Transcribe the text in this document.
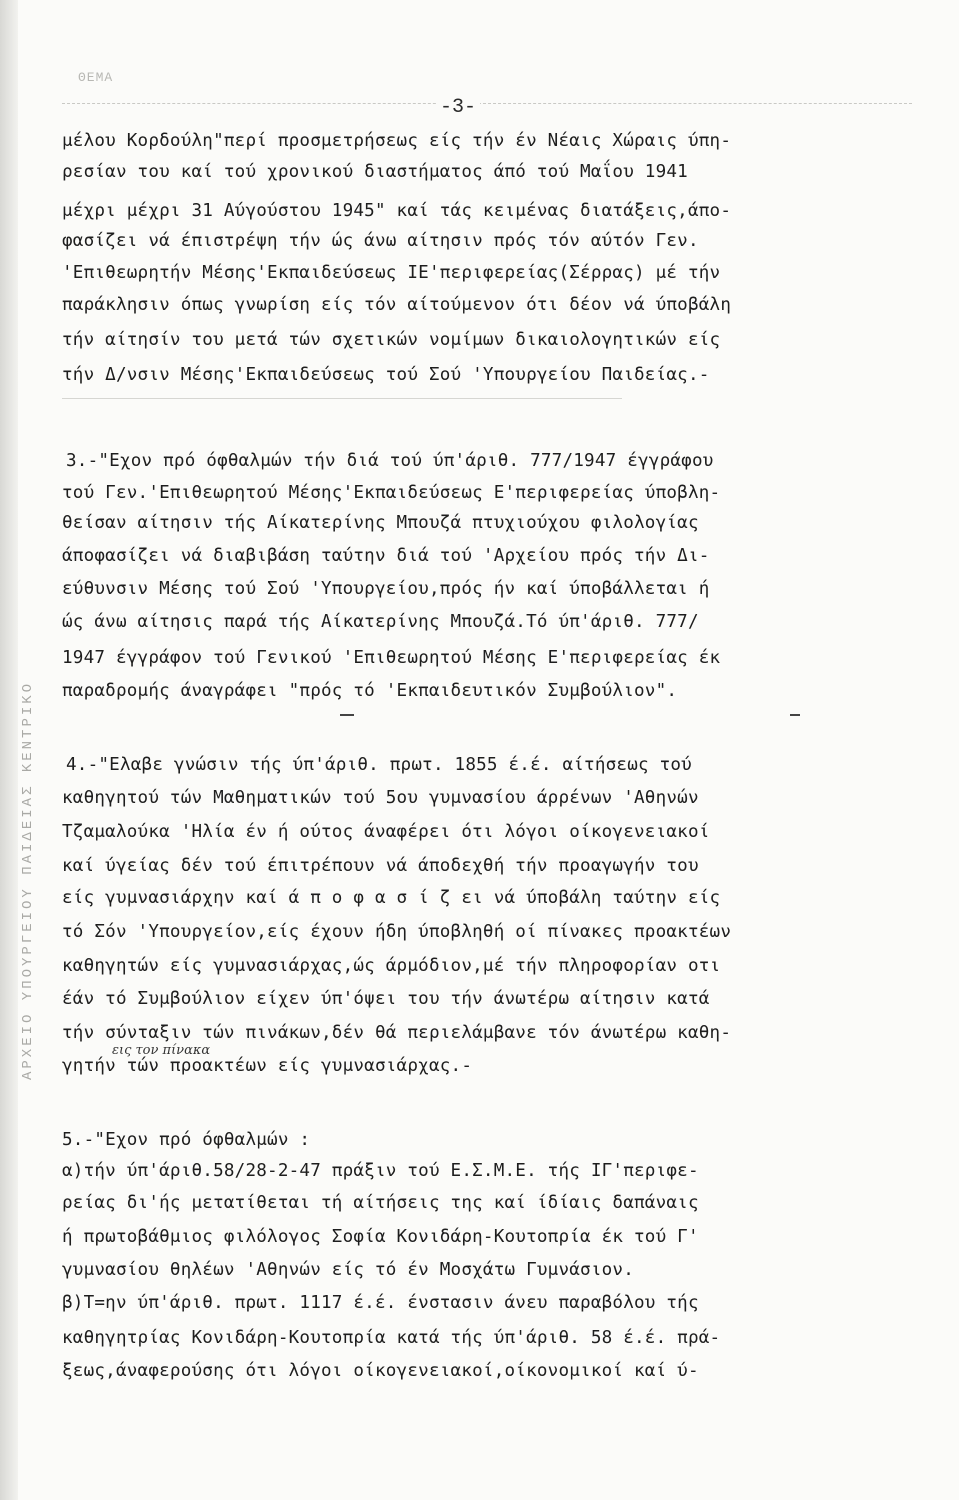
ΘΕΜΑ
ΑΡΧΕΙΟ ΥΠΟΥΡΓΕΙΟΥ ΠΑΙΔΕΙΑΣ ΚΕΝΤΡΙΚΟ
-3-
μέλου Κορδούλη"περί προσμετρήσεως είς τήν έν Νέαις Χώραις ύπη-
ρεσίαν του καί τού χρονικού διαστήματος άπό τού Μαΐου 1941
μέχρι μέχρι 31 Αύγούστου 1945" καί τάς κειμένας διατάξεις,άπο-
φασίζει νά έπιστρέψη τήν ώς άνω αίτησιν πρός τόν αύτόν Γεν.
'Επιθεωρητήν Μέσης'Εκπαιδεύσεως ΙΕ'περιφερείας(Σέρρας) μέ τήν
παράκλησιν όπως γνωρίση είς τόν αίτούμενον ότι δέον νά ύποβάλη
τήν αίτησίν του μετά τών σχετικών νομίμων δικαιολογητικών είς
τήν Δ/νσιν Μέσης'Εκπαιδεύσεως τού Σού 'Υπουργείου Παιδείας.-
3.-"Εχον πρό όφθαλμών τήν διά τού ύπ'άριθ. 777/1947 έγγράφου
τού Γεν.'Επιθεωρητού Μέσης'Εκπαιδεύσεως Ε'περιφερείας ύποβλη-
θείσαν αίτησιν τής Αίκατερίνης Μπουζά πτυχιούχου φιλολογίας
άποφασίζει νά διαβιβάση ταύτην διά τού 'Αρχείου πρός τήν Δι-
εύθυνσιν Μέσης τού Σού 'Υπουργείου,πρός ήν καί ύποβάλλεται ή
ώς άνω αίτησις παρά τής Αίκατερίνης Μπουζά.Τό ύπ'άριθ. 777/
1947 έγγράφον τού Γενικού 'Επιθεωρητού Μέσης Ε'περιφερείας έκ
παραδρομής άναγράφει "πρός τό 'Εκπαιδευτικόν Συμβούλιον".
4.-"Ελαβε γνώσιν τής ύπ'άριθ. πρωτ. 1855 έ.έ. αίτήσεως τού
καθηγητού τών Μαθηματικών τού 5ου γυμνασίου άρρένων 'Αθηνών
Τζαμαλούκα 'Ηλία έν ή ούτος άναφέρει ότι λόγοι οίκογενειακοί
καί ύγείας δέν τού έπιτρέπουν νά άποδεχθή τήν προαγωγήν του
είς γυμνασιάρχην καί ά π ο φ α σ ί ζ ει νά ύποβάλη ταύτην είς
τό Σόν 'Υπουργείον,είς έχουν ήδη ύποβληθή οί πίνακες προακτέων
καθηγητών είς γυμνασιάρχας,ώς άρμόδιον,μέ τήν πληροφορίαν οτι
έάν τό Συμβούλιον είχεν ύπ'όψει του τήν άνωτέρω αίτησιν κατά
τήν σύνταξιν τών πινάκων,δέν θά περιελάμβανε τόν άνωτέρω καθη-
εις τον πίνακα
γητήν τών προακτέων είς γυμνασιάρχας.-
5.-"Εχον πρό όφθαλμών :
α)τήν ύπ'άριθ.58/28-2-47 πράξιν τού Ε.Σ.Μ.Ε. τής ΙΓ'περιφε-
ρείας δι'ής μετατίθεται τή αίτήσεις της καί ίδίαις δαπάναις
ή πρωτοβάθμιος φιλόλογος Σοφία Κονιδάρη-Κουτοπρία έκ τού Γ'
γυμνασίου θηλέων 'Αθηνών είς τό έν Μοσχάτω Γυμνάσιον.
β)Τ=ην ύπ'άριθ. πρωτ. 1117 έ.έ. ένστασιν άνευ παραβόλου τής
καθηγητρίας Κονιδάρη-Κουτοπρία κατά τής ύπ'άριθ. 58 έ.έ. πρά-
ξεως,άναφερούσης ότι λόγοι οίκογενειακοί,οίκονομικοί καί ύ-
